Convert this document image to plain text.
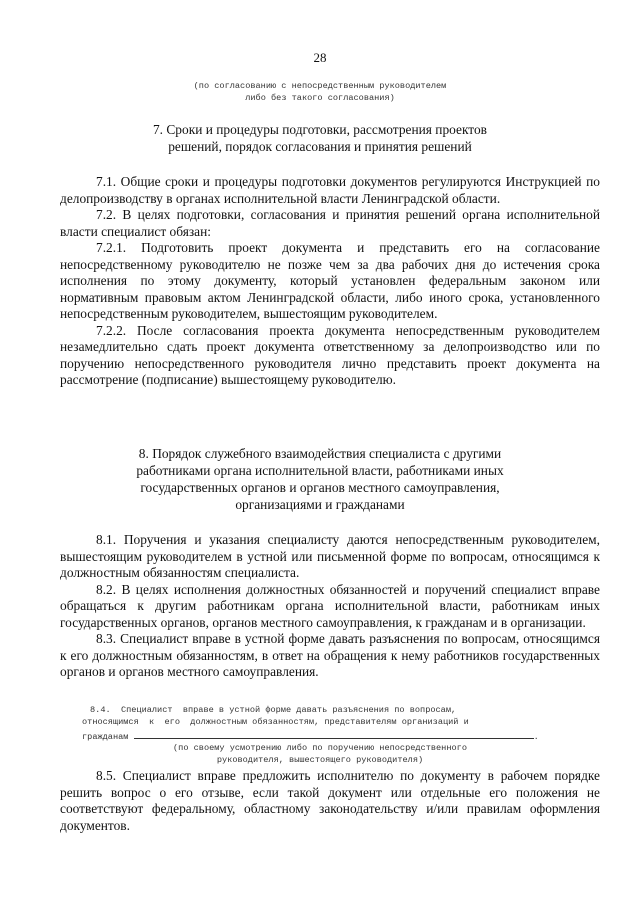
28
(по согласованию с непосредственным руководителем
либо без такого согласования)
7. Сроки и процедуры подготовки, рассмотрения проектов
решений, порядок согласования и принятия решений

7.1. Общие сроки и процедуры подготовки документов регулируются Инструкцией по делопроизводству в органах исполнительной власти Ленинградской области.

7.2. В целях подготовки, согласования и принятия решений органа исполнительной власти специалист обязан:

7.2.1. Подготовить проект документа и представить его на согласование непосредственному руководителю не позже чем за два рабочих дня до истечения срока исполнения по этому документу, который установлен федеральным законом или нормативным правовым актом Ленинградской области, либо иного срока, установленного непосредственным руководителем, вышестоящим руководителем.

7.2.2. После согласования проекта документа непосредственным руководителем незамедлительно сдать проект документа ответственному за делопроизводство или по поручению непосредственного руководителя лично представить проект документа на рассмотрение (подписание) вышестоящему руководителю.

8. Порядок служебного взаимодействия специалиста с другими
работниками органа исполнительной власти, работниками иных
государственных органов и органов местного самоуправления,
организациями и гражданами

8.1. Поручения и указания специалисту даются непосредственным руководителем, вышестоящим руководителем в устной или письменной форме по вопросам, относящимся к должностным обязанностям специалиста.

8.2. В целях исполнения должностных обязанностей и поручений специалист вправе обращаться к другим работникам органа исполнительной власти, работникам иных государственных органов, органов местного самоуправления, к гражданам и в организации.

8.3. Специалист вправе в устной форме давать разъяснения по вопросам, относящимся к его должностным обязанностям, в ответ на обращения к нему работников государственных органов и органов местного самоуправления.

8.4.  Специалист  вправе в устной форме давать разъяснения по вопросам,
относящимся  к  его  должностным обязанностям, представителям организаций и
гражданам	.
(по своему усмотрению либо по поручению непосредственного
руководителя, вышестоящего руководителя)

8.5. Специалист вправе предложить исполнителю по документу в рабочем порядке решить вопрос о его отзыве, если такой документ или отдельные его положения не соответствуют федеральному, областному законодательству и/или правилам оформления документов.
